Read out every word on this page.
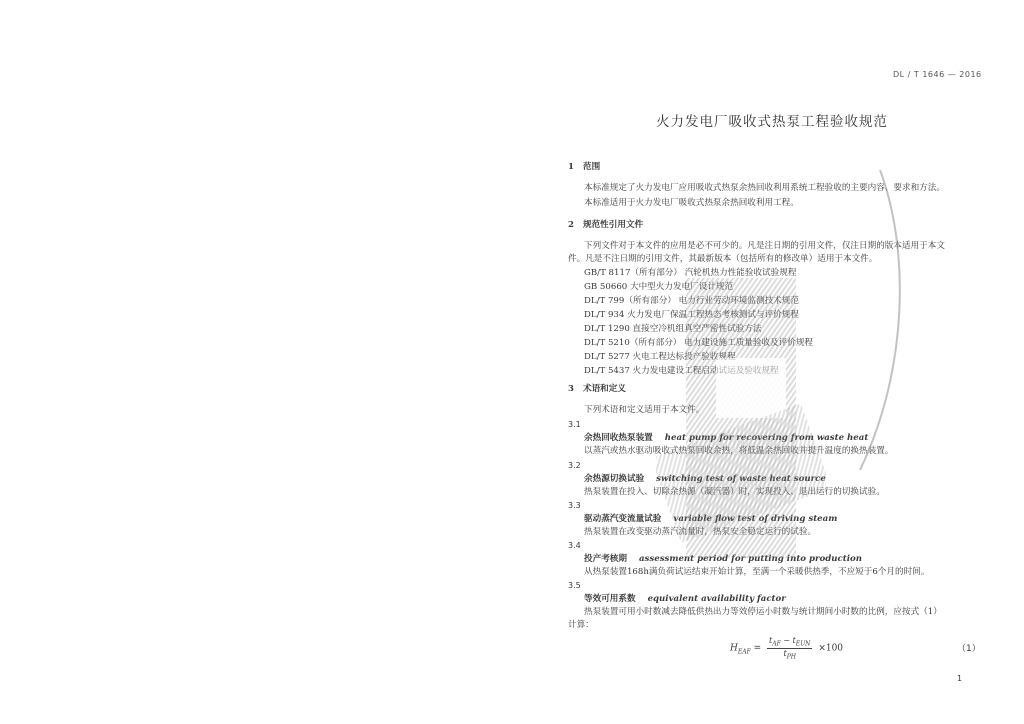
DL / T 1646 — 2016
火力发电厂吸收式热泵工程验收规范
1 范围
本标准规定了火力发电厂应用吸收式热泵余热回收利用系统工程验收的主要内容、要求和方法。
本标准适用于火力发电厂吸收式热泵余热回收利用工程。
2 规范性引用文件
下列文件对于本文件的应用是必不可少的。凡是注日期的引用文件，仅注日期的版本适用于本文
件。凡是不注日期的引用文件，其最新版本（包括所有的修改单）适用于本文件。
GB/T 8117（所有部分） 汽轮机热力性能验收试验规程
GB 50660 大中型火力发电厂设计规范
DL/T 799（所有部分） 电力行业劳动环境监测技术规范
DL/T 934 火力发电厂保温工程热态考核测试与评价规程
DL/T 1290 直接空冷机组真空严密性试验方法
DL/T 5210（所有部分） 电力建设施工质量验收及评价规程
DL/T 5277 火电工程达标投产验收规程
DL/T 5437 火力发电建设工程启动试运及验收规程
3 术语和定义
下列术语和定义适用于本文件。
3.1
余热回收热泵装置 heat pump for recovering from waste heat
以蒸汽或热水驱动吸收式热泵回收余热，将低温余热回收并提升温度的换热装置。
3.2
余热源切换试验 switching test of waste heat source
热泵装置在投入、切除余热源（凝汽器）时，实现投入、退出运行的切换试验。
3.3
驱动蒸汽变流量试验 variable flow test of driving steam
热泵装置在改变驱动蒸汽流量时，热泵安全稳定运行的试验。
3.4
投产考核期 assessment period for putting into production
从热泵装置168h满负荷试运结束开始计算，至满一个采暖供热季，不应短于6个月的时间。
3.5
等效可用系数 equivalent availability factor
热泵装置可用小时数减去降低供热出力等效停运小时数与统计期间小时数的比例，应按式（1）
计算：
$H_{EAF} = \frac{t_{AF} - t_{EUN}}{t_{PH}} \times 100$	（1）
1
